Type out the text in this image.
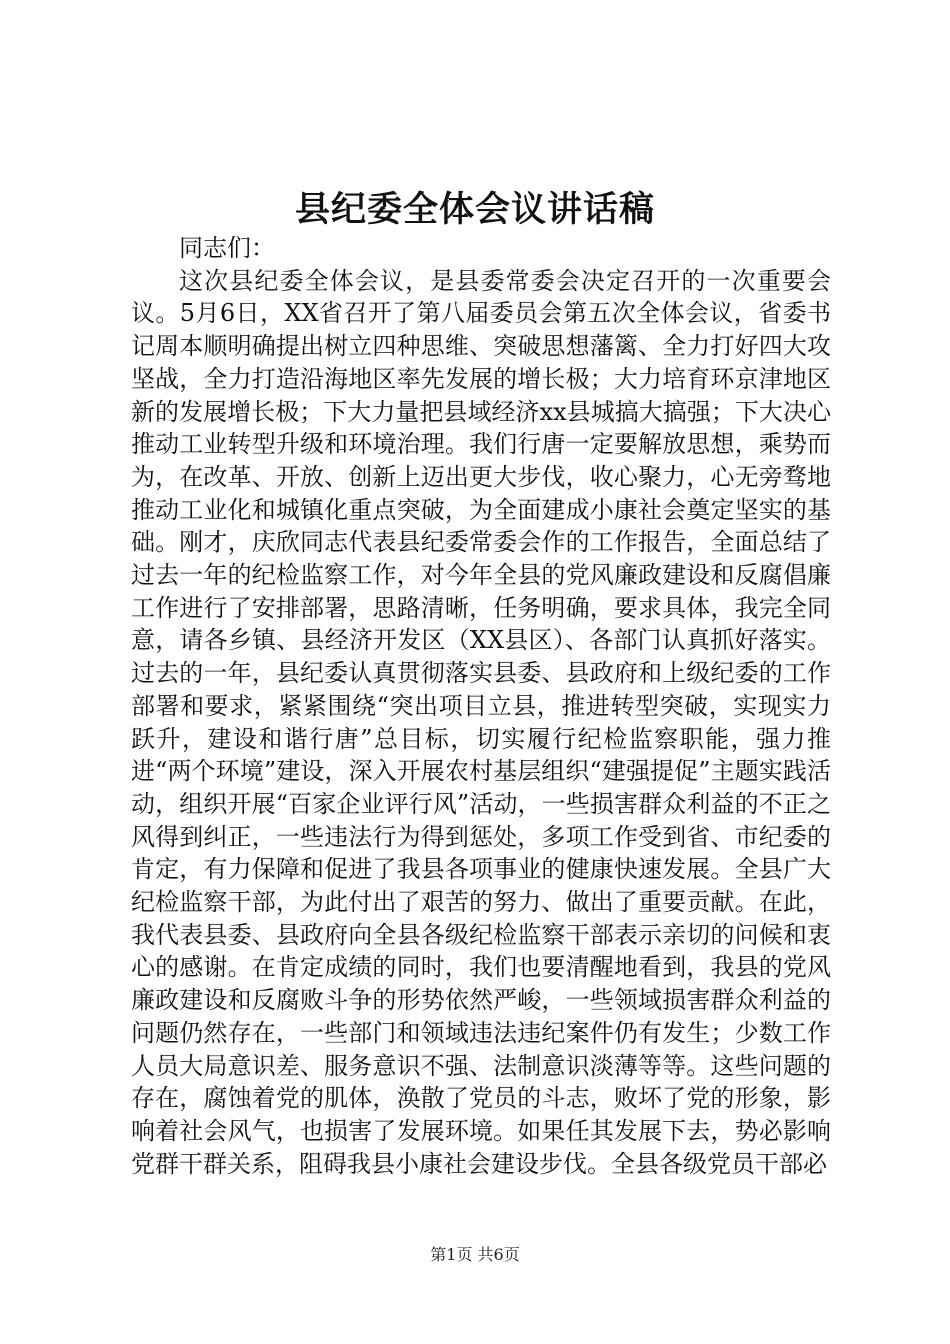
县纪委全体会议讲话稿

同志们：

这次县纪委全体会议，是县委常委会决定召开的一次重要会议。5月6日，XX省召开了第八届委员会第五次全体会议，省委书记周本顺明确提出树立四种思维、突破思想藩篱、全力打好四大攻坚战，全力打造沿海地区率先发展的增长极；大力培育环京津地区新的发展增长极；下大力量把县域经济xx县城搞大搞强；下大决心推动工业转型升级和环境治理。我们行唐一定要解放思想，乘势而为，在改革、开放、创新上迈出更大步伐，收心聚力，心无旁骛地推动工业化和城镇化重点突破，为全面建成小康社会奠定坚实的基础。刚才，庆欣同志代表县纪委常委会作的工作报告，全面总结了过去一年的纪检监察工作，对今年全县的党风廉政建设和反腐倡廉工作进行了安排部署，思路清晰，任务明确，要求具体，我完全同意，请各乡镇、县经济开发区（XX县区）、各部门认真抓好落实。过去的一年，县纪委认真贯彻落实县委、县政府和上级纪委的工作部署和要求，紧紧围绕“突出项目立县，推进转型突破，实现实力跃升，建设和谐行唐”总目标，切实履行纪检监察职能，强力推进“两个环境”建设，深入开展农村基层组织“建强提促”主题实践活动，组织开展“百家企业评行风”活动，一些损害群众利益的不正之风得到纠正，一些违法行为得到惩处，多项工作受到省、市纪委的肯定，有力保障和促进了我县各项事业的健康快速发展。全县广大纪检监察干部，为此付出了艰苦的努力、做出了重要贡献。在此，我代表县委、县政府向全县各级纪检监察干部表示亲切的问候和衷心的感谢。在肯定成绩的同时，我们也要清醒地看到，我县的党风廉政建设和反腐败斗争的形势依然严峻，一些领域损害群众利益的问题仍然存在，一些部门和领域违法违纪案件仍有发生；少数工作人员大局意识差、服务意识不强、法制意识淡薄等等。这些问题的存在，腐蚀着党的肌体，涣散了党员的斗志，败坏了党的形象，影响着社会风气，也损害了发展环境。如果任其发展下去，势必影响党群干群关系，阻碍我县小康社会建设步伐。全县各级党员干部必

第1页 共6页
